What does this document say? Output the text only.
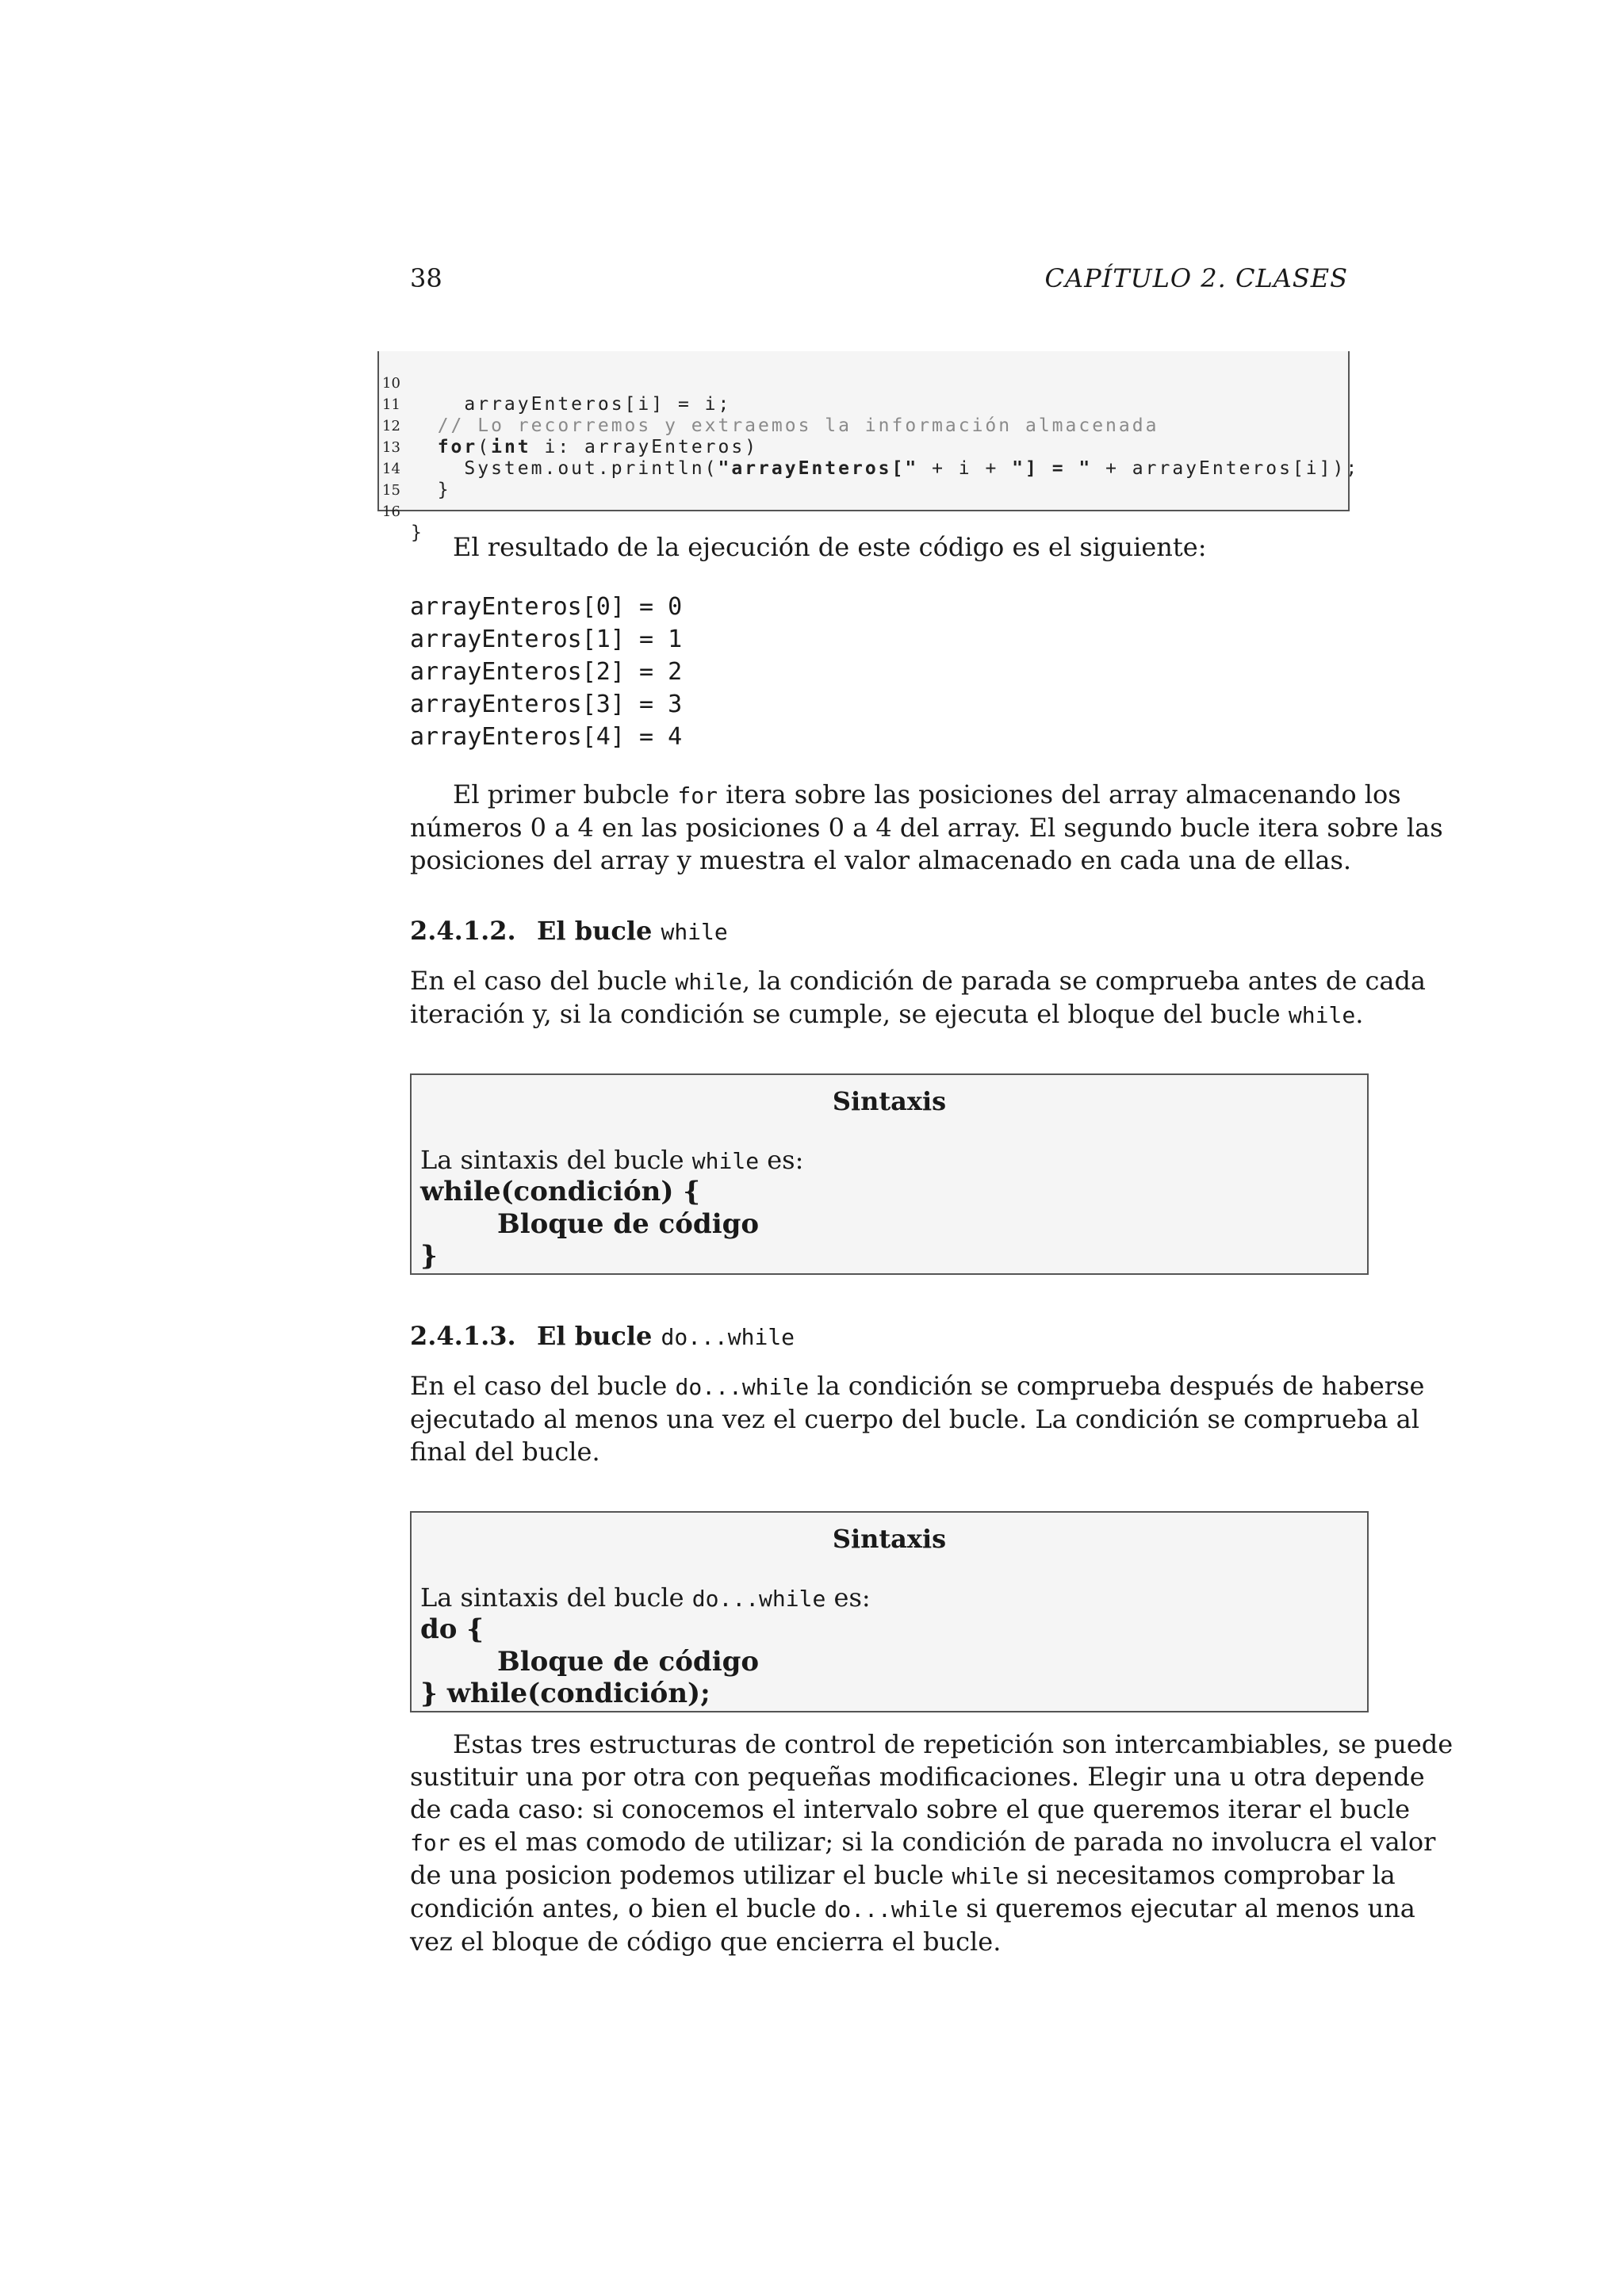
38	CAPÍTULO 2. CLASES

10

arrayEnteros[i] = i;

11

// Lo recorremos y extraemos la información almacenada

12

for(int i: arrayEnteros)

13

System.out.println("arrayEnteros[" + i + "] = " + arrayEnteros[i]);

14

}

15

16

}

	El resultado de la ejecución de este código es el siguiente:
arrayEnteros[0] = 0
arrayEnteros[1] = 1
arrayEnteros[2] = 2
arrayEnteros[3] = 3
arrayEnteros[4] = 4
El primer bubcle for itera sobre las posiciones del array almacenando los
números 0 a 4 en las posiciones 0 a 4 del array. El segundo bucle itera sobre las
posiciones del array y muestra el valor almacenado en cada una de ellas.
2.4.1.2. El bucle while
En el caso del bucle while, la condición de parada se comprueba antes de cada
iteración y, si la condición se cumple, se ejecuta el bloque del bucle while.
Sintaxis
La sintaxis del bucle while es:
while(condición) {
Bloque de código
}
2.4.1.3. El bucle do...while
En el caso del bucle do...while la condición se comprueba después de haberse
ejecutado al menos una vez el cuerpo del bucle. La condición se comprueba al
final del bucle.
Sintaxis
La sintaxis del bucle do...while es:
do {
Bloque de código
} while(condición);
Estas tres estructuras de control de repetición son intercambiables, se puede
sustituir una por otra con pequeñas modificaciones. Elegir una u otra depende
de cada caso: si conocemos el intervalo sobre el que queremos iterar el bucle
for es el mas comodo de utilizar; si la condición de parada no involucra el valor
de una posicion podemos utilizar el bucle while si necesitamos comprobar la
condición antes, o bien el bucle do...while si queremos ejecutar al menos una
vez el bloque de código que encierra el bucle.
